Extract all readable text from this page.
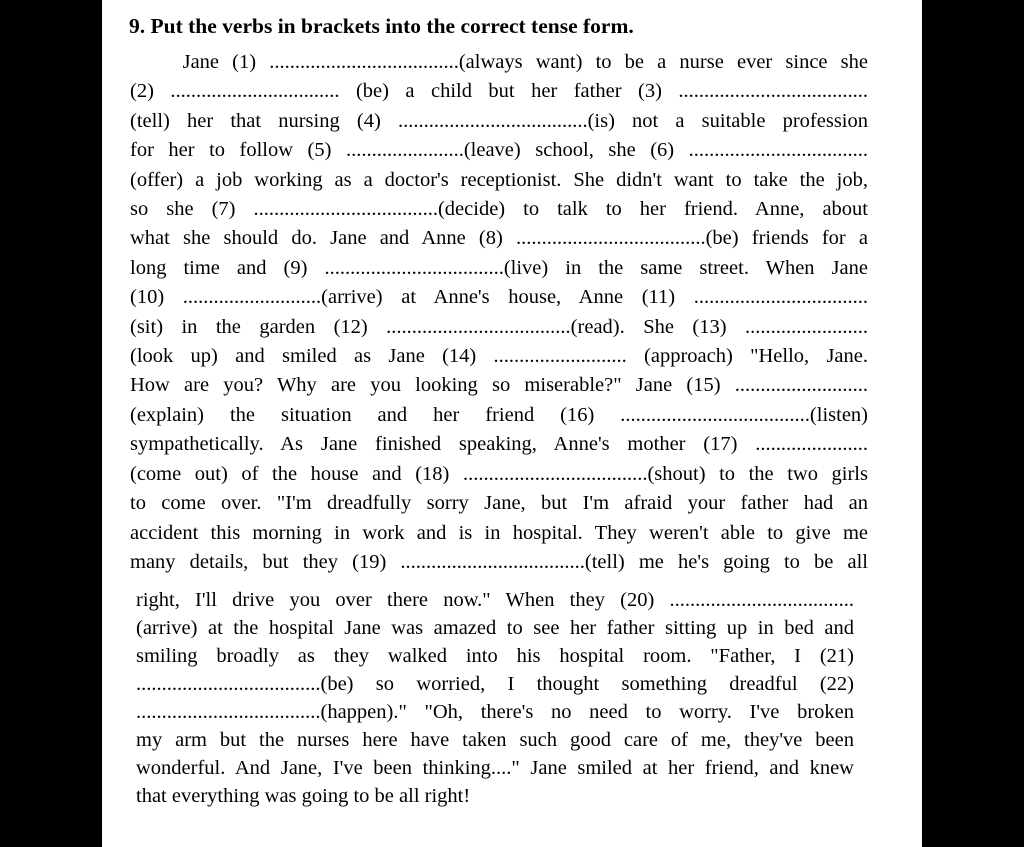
9. Put the verbs in brackets into the correct tense form.
Jane (1) .....................................(always want) to be a nurse ever since she
(2) ................................. (be) a child but her father (3) .....................................
(tell) her that nursing (4) .....................................(is) not a suitable profession
for her to follow (5) .......................(leave) school, she (6) ...................................
(offer) a job working as a doctor's receptionist. She didn't want to take the job,
so she (7) ....................................(decide) to talk to her friend. Anne, about
what she should do. Jane and Anne (8) .....................................(be) friends for a
long time and (9) ...................................(live) in the same street. When Jane
(10) ...........................(arrive) at Anne's house, Anne (11) ..................................
(sit) in the garden (12) ....................................(read). She (13) ........................
(look up) and smiled as Jane (14) .......................... (approach) "Hello, Jane.
How are you? Why are you looking so miserable?" Jane (15) ..........................
(explain) the situation and her friend (16) .....................................(listen)
sympathetically. As Jane finished speaking, Anne's mother (17) ......................
(come out) of the house and (18) ....................................(shout) to the two girls
to come over. "I'm dreadfully sorry Jane, but I'm afraid your father had an
accident this morning in work and is in hospital. They weren't able to give me
many details, but they (19) ....................................(tell) me he's going to be all
right, I'll drive you over there now." When they (20) ....................................
(arrive) at the hospital Jane was amazed to see her father sitting up in bed and
smiling broadly as they walked into his hospital room. "Father, I (21)
....................................(be) so worried, I thought something dreadful (22)
....................................(happen)." "Oh, there's no need to worry. I've broken
my arm but the nurses here have taken such good care of me, they've been
wonderful. And Jane, I've been thinking...." Jane smiled at her friend, and knew
that everything was going to be all right!
